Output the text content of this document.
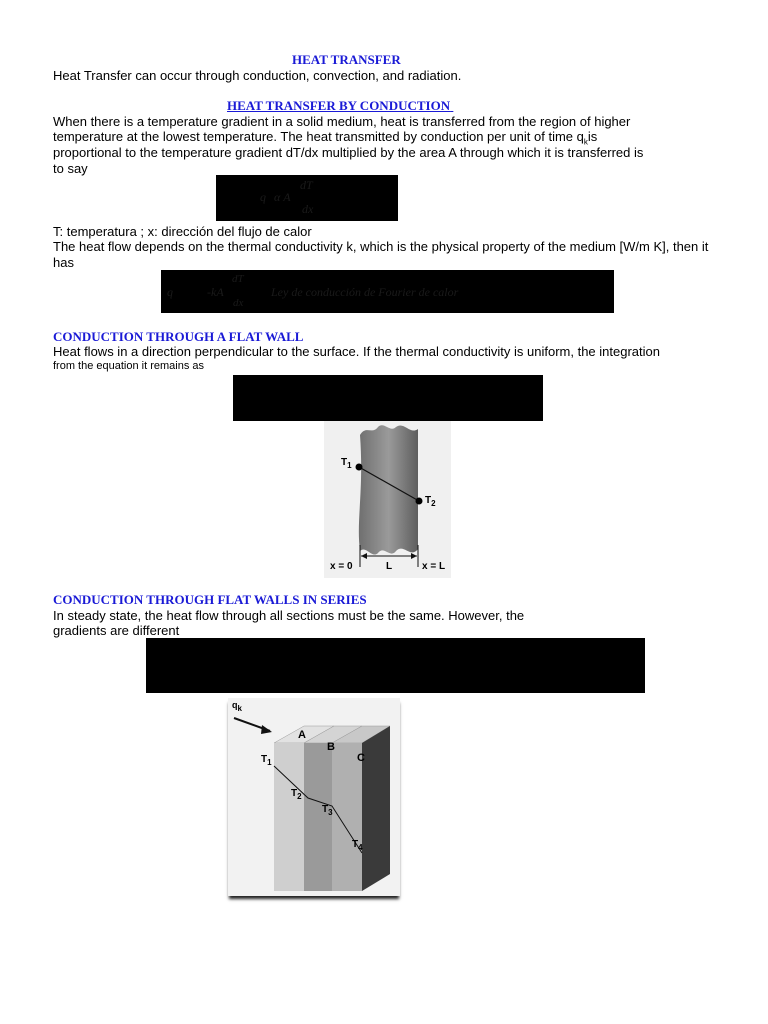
HEAT TRANSFER
Heat Transfer can occur through conduction, convection, and radiation.
HEAT TRANSFER BY CONDUCTION
When there is a temperature gradient in a solid medium, heat is transferred from the region of higher
temperature at the lowest temperature. The heat transmitted by conduction per unit of time $q_kis$
proportional to the temperature gradient dT/dx multiplied by the area A through which it is transferred is
to say
q α A
dT
dx
T: temperatura ; x: dirección del flujo de calor
The heat flow depends on the thermal conductivity k, which is the physical property of the medium [W/m K], then it
has
q	-kA
dT
dx
Ley de conducción de Fourier de calor
CONDUCTION THROUGH A FLAT WALL
Heat flows in a direction perpendicular to the surface. If the thermal conductivity is uniform, the integration
from the equation it remains as
$T_1$
$T_2$
x = 0	L	x = L
CONDUCTION THROUGH FLAT WALLS IN SERIES
In steady state, the heat flow through all sections must be the same. However, the
gradients are different
$q_k$
A
B
C
$T_1$
$T_2$
$T_3$
$T_4$
